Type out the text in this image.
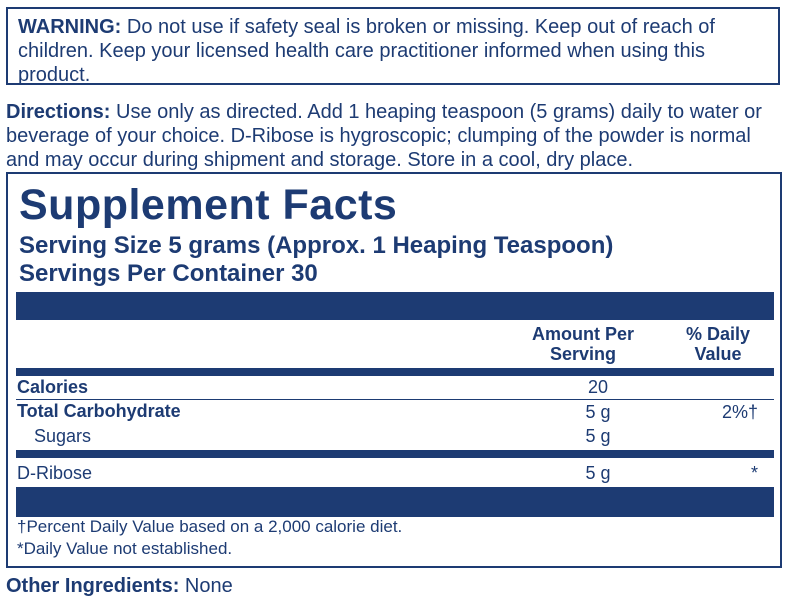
WARNING: Do not use if safety seal is broken or missing. Keep out of reach of children. Keep your licensed health care practitioner informed when using this product.
Directions: Use only as directed. Add 1 heaping teaspoon (5 grams) daily to water or beverage of your choice. D-Ribose is hygroscopic; clumping of the powder is normal and may occur during shipment and storage. Store in a cool, dry place.
Supplement Facts
Serving Size 5 grams (Approx. 1 Heaping Teaspoon)
Servings Per Container 30
Amount Per
Serving
% Daily
Value
Calories	20
Total Carbohydrate	5 g	2%†
Sugars	5 g
D-Ribose	5 g	*
†Percent Daily Value based on a 2,000 calorie diet.
*Daily Value not established.
Other Ingredients: None
